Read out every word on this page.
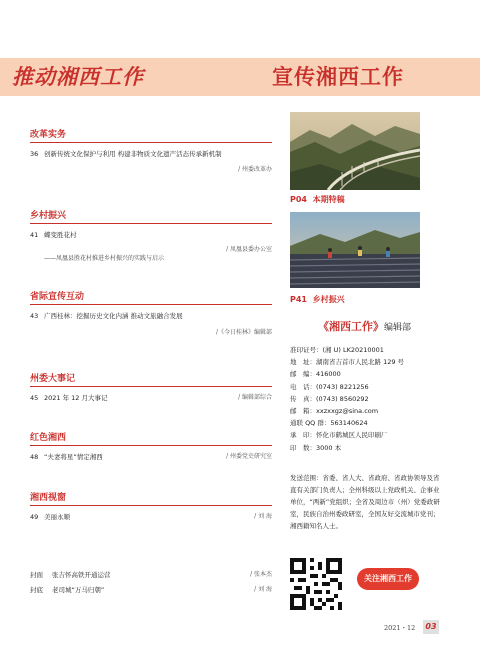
推动湘西工作	宣传湘西工作
改革实务
36 创新传统文化保护与利用 构建非物质文化遗产活态传承新机制
/ 州委改革办
乡村振兴
41 蝶变胜花村
——凤凰县胜花村推进乡村振兴的实践与启示
/ 凤凰县委办公室
省际宣传互动
43 广西桂林：挖掘历史文化内涵 推动文旅融合发展
/《今日桂林》编辑部
州委大事记
45 2021 年 12 月大事记	/ 编辑部综合
红色湘西
48 “夫妻将星”情定湘西	/ 州委党史研究室
湘西视窗
49 美丽永顺	/ 刘 海
封面 张吉怀高铁开通运营	/ 张本杰
封底 老司城“万马归朝”	/ 刘 海
P04 本期特稿
P41 乡村振兴
《湘西工作》编辑部
准印证号：(湘 U) LK20210001
地　址：湖南省吉首市人民北路 129 号
邮　编：416000
电　话：(0743) 8221256
传　真：(0743) 8560292
邮　箱：xxzxxgz@sina.com
通联 QQ 群：563140624
承　印：怀化市鹤城区人民印刷厂
印　数：3000 本
发送范围：省委、省人大、省政府、省政协领导及省直有关部门负责人；全州科级以上党政机关、企事业单位，“两新”党组织；全省及周边市（州）党委政研室，民族自治州委政研室，全国友好交流城市党刊；湘西籍知名人士。
关注湘西工作
2021・12	03
